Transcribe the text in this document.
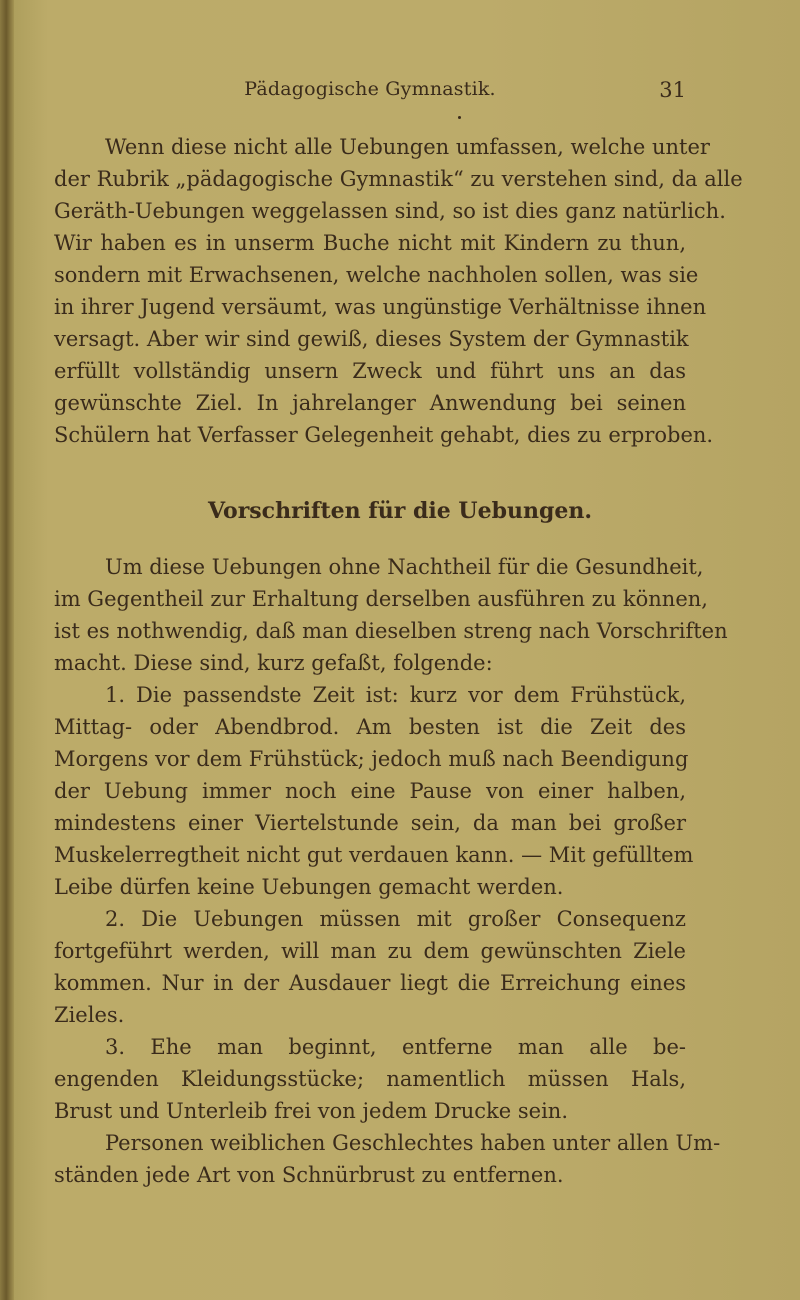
Pädagogische Gymnastik.	31
Wenn diese nicht alle Uebungen umfassen, welche unter
der Rubrik „pädagogische Gymnastik“ zu verstehen sind, da alle
Geräth-Uebungen weggelassen sind, so ist dies ganz natürlich.
Wir haben es in unserm Buche nicht mit Kindern zu thun,
sondern mit Erwachsenen, welche nachholen sollen, was sie
in ihrer Jugend versäumt, was ungünstige Verhältnisse ihnen
versagt. Aber wir sind gewiß, dieses System der Gymnastik
erfüllt vollständig unsern Zweck und führt uns an das
gewünschte Ziel. In jahrelanger Anwendung bei seinen
Schülern hat Verfasser Gelegenheit gehabt, dies zu erproben.
Vorschriften für die Uebungen.
Um diese Uebungen ohne Nachtheil für die Gesundheit,
im Gegentheil zur Erhaltung derselben ausführen zu können,
ist es nothwendig, daß man dieselben streng nach Vorschriften
macht. Diese sind, kurz gefaßt, folgende:
1. Die passendste Zeit ist: kurz vor dem Frühstück,
Mittag- oder Abendbrod. Am besten ist die Zeit des
Morgens vor dem Frühstück; jedoch muß nach Beendigung
der Uebung immer noch eine Pause von einer halben,
mindestens einer Viertelstunde sein, da man bei großer
Muskelerregtheit nicht gut verdauen kann. — Mit gefülltem
Leibe dürfen keine Uebungen gemacht werden.
2. Die Uebungen müssen mit großer Consequenz
fortgeführt werden, will man zu dem gewünschten Ziele
kommen. Nur in der Ausdauer liegt die Erreichung eines
Zieles.
3. Ehe man beginnt, entferne man alle be-
engenden Kleidungsstücke; namentlich müssen Hals,
Brust und Unterleib frei von jedem Drucke sein.
Personen weiblichen Geschlechtes haben unter allen Um-
ständen jede Art von Schnürbrust zu entfernen.
